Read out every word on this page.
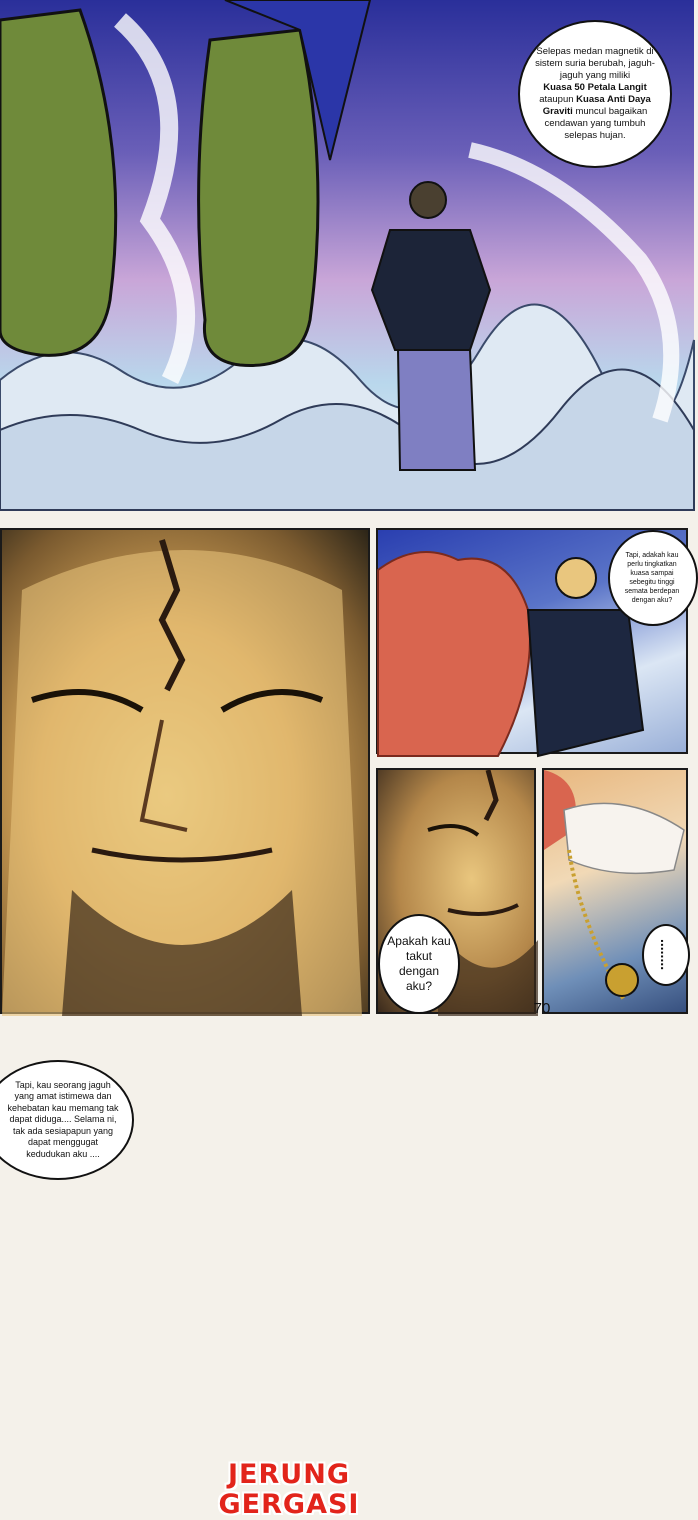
Selepas medan magnetik di sistem suria berubah, jaguh-jaguh yang miliki
Kuasa 50 Petala Langit ataupun Kuasa Anti Daya Graviti muncul bagaikan cendawan yang tumbuh selepas hujan.
Tapi, kau seorang jaguh yang amat istimewa dan kehebatan kau memang tak dapat diduga.... Selama ni, tak ada sesiapapun yang dapat menggugat kedudukan aku ....
JERUNG
GERGASI
Tapi, adakah kau perlu tingkatkan kuasa sampai sebegitu tinggi semata berdepan dengan aku?
Apakah kau takut dengan aku?
........
70
